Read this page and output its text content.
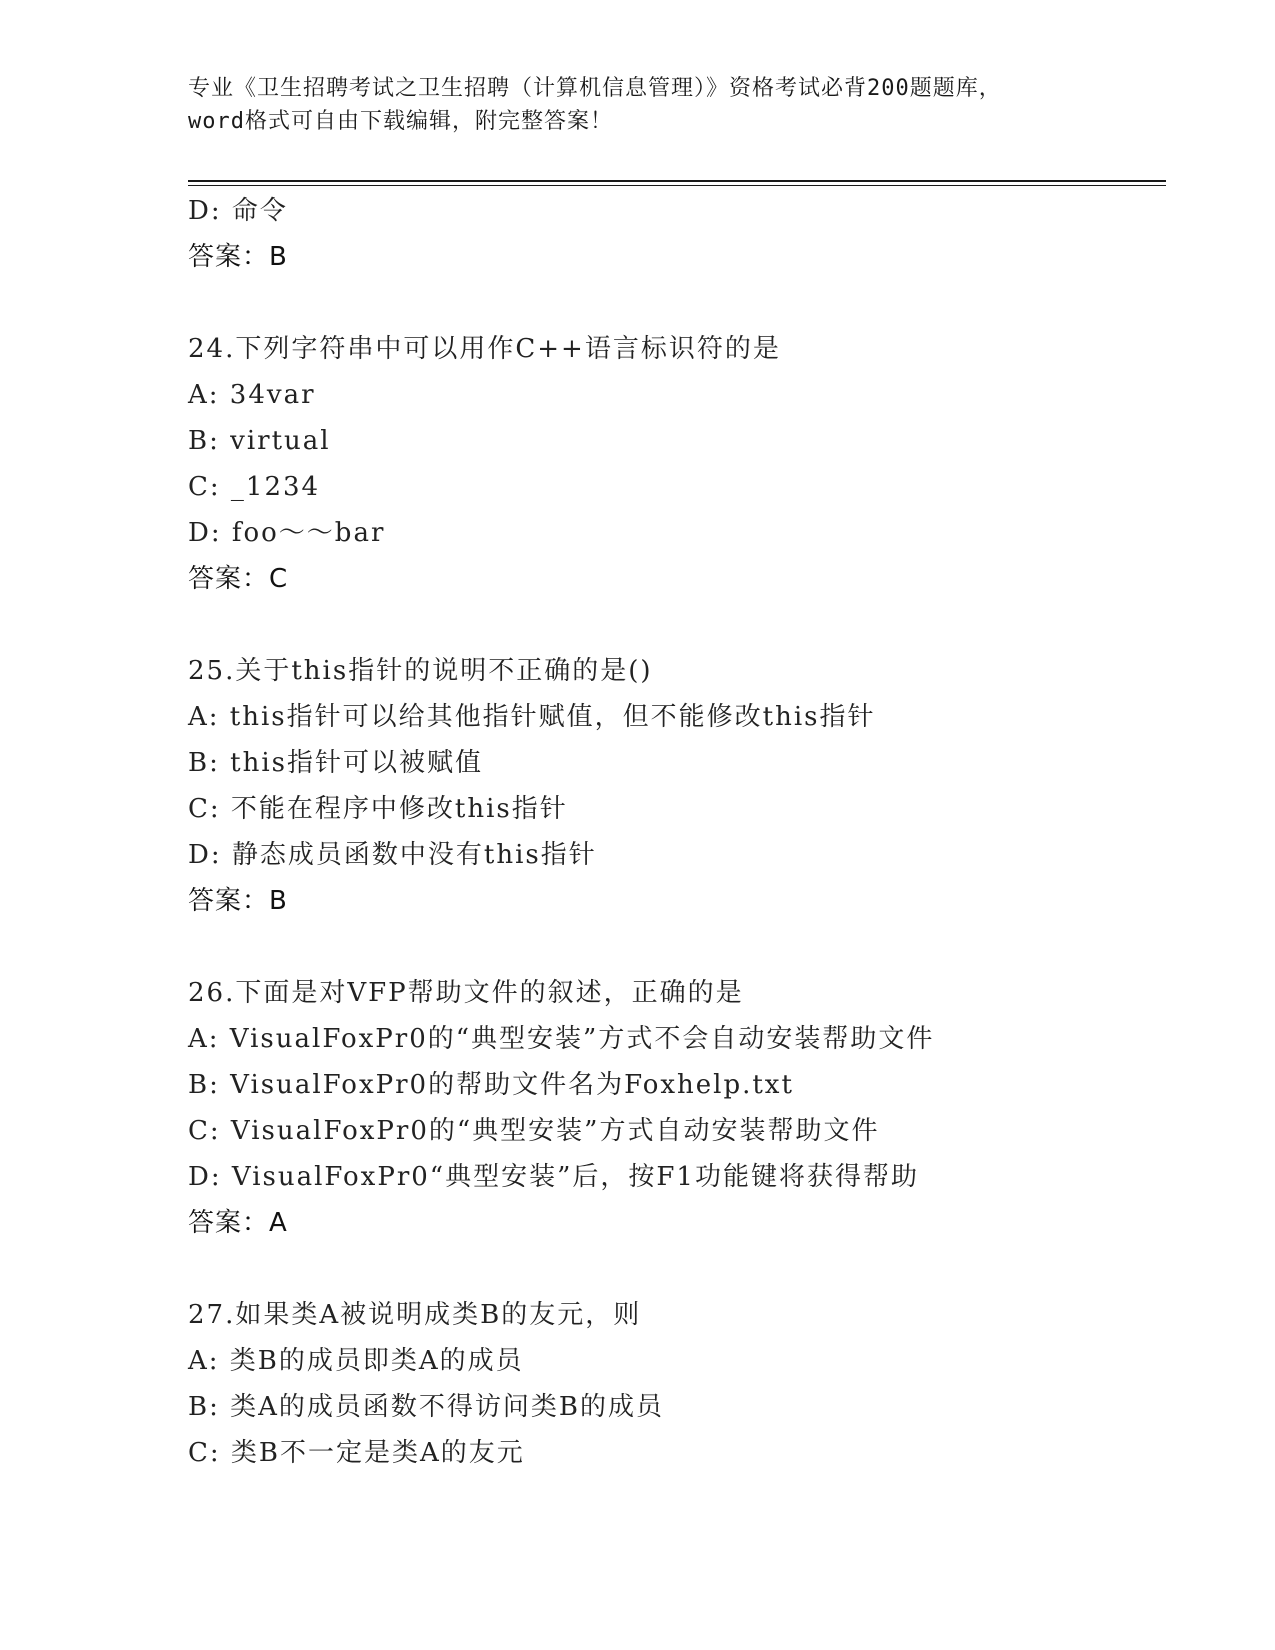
专业《卫生招聘考试之卫生招聘（计算机信息管理）》资格考试必背200题题库，
word格式可自由下载编辑，附完整答案！
D: 命令
答案：B
24.下列字符串中可以用作C++语言标识符的是
A: 34var
B: virtual
C: _1234
D: foo～～bar
答案：C
25.关于this指针的说明不正确的是()
A: this指针可以给其他指针赋值，但不能修改this指针
B: this指针可以被赋值
C: 不能在程序中修改this指针
D: 静态成员函数中没有this指针
答案：B
26.下面是对VFP帮助文件的叙述，正确的是
A: VisualFoxPr0的“典型安装”方式不会自动安装帮助文件
B: VisualFoxPr0的帮助文件名为Foxhelp.txt
C: VisualFoxPr0的“典型安装”方式自动安装帮助文件
D: VisualFoxPr0“典型安装”后，按F1功能键将获得帮助
答案：A
27.如果类A被说明成类B的友元，则
A: 类B的成员即类A的成员
B: 类A的成员函数不得访问类B的成员
C: 类B不一定是类A的友元
